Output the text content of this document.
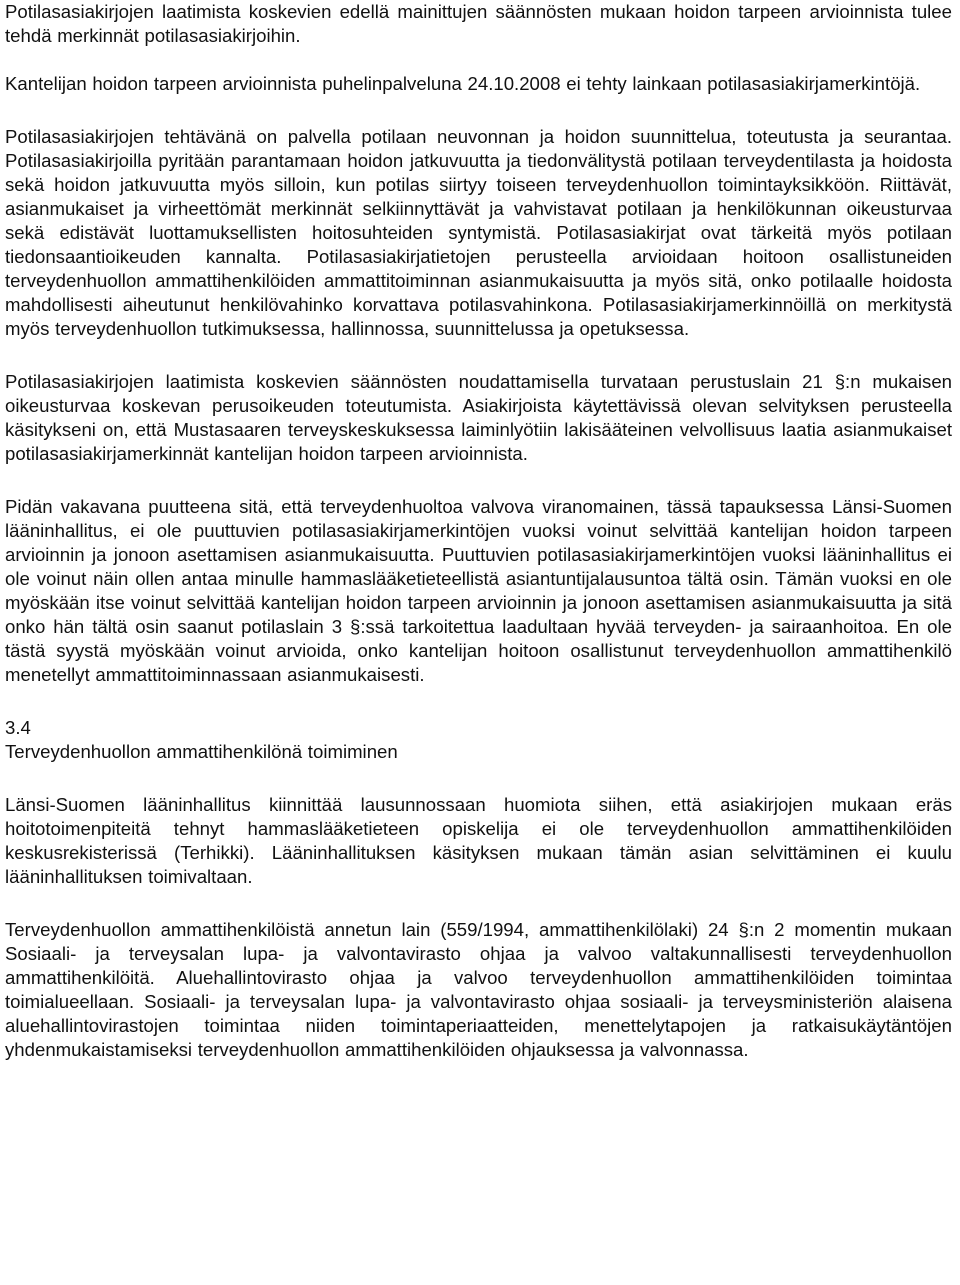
Potilasasiakirjojen laatimista koskevien edellä mainittujen säännösten mukaan hoidon tarpeen arvioinnista tulee tehdä merkinnät potilasasiakirjoihin.

Kantelijan hoidon tarpeen arvioinnista puhelinpalveluna 24.10.2008 ei tehty lainkaan potilasasiakirjamerkintöjä.

Potilasasiakirjojen tehtävänä on palvella potilaan neuvonnan ja hoidon suunnittelua, toteutusta ja seurantaa. Potilasasiakirjoilla pyritään parantamaan hoidon jatkuvuutta ja tiedonvälitystä potilaan terveydentilasta ja hoidosta sekä hoidon jatkuvuutta myös silloin, kun potilas siirtyy toiseen terveydenhuollon toimintayksikköön. Riittävät, asianmukaiset ja virheettömät merkinnät selkiinnyttävät ja vahvistavat potilaan ja henkilökunnan oikeusturvaa sekä edistävät luottamuksellisten hoitosuhteiden syntymistä. Potilasasiakirjat ovat tärkeitä myös potilaan tiedonsaantioikeuden kannalta. Potilasasiakirjatietojen perusteella arvioidaan hoitoon osallistuneiden terveydenhuollon ammattihenkilöiden ammattitoiminnan asianmukaisuutta ja myös sitä, onko potilaalle hoidosta mahdollisesti aiheutunut henkilövahinko korvattava potilasvahinkona. Potilasasiakirjamerkinnöillä on merkitystä myös terveydenhuollon tutkimuksessa, hallinnossa, suunnittelussa ja opetuksessa.

Potilasasiakirjojen laatimista koskevien säännösten noudattamisella turvataan perustuslain 21 §:n mukaisen oikeusturvaa koskevan perusoikeuden toteutumista. Asiakirjoista käytettävissä olevan selvityksen perusteella käsitykseni on, että Mustasaaren terveyskeskuksessa laiminlyötiin lakisääteinen velvollisuus laatia asianmukaiset potilasasiakirjamerkinnät kantelijan hoidon tarpeen arvioinnista.

Pidän vakavana puutteena sitä, että terveydenhuoltoa valvova viranomainen, tässä tapauksessa Länsi-Suomen lääninhallitus, ei ole puuttuvien potilasasiakirjamerkintöjen vuoksi voinut selvittää kantelijan hoidon tarpeen arvioinnin ja jonoon asettamisen asianmukaisuutta. Puuttuvien potilasasiakirjamerkintöjen vuoksi lääninhallitus ei ole voinut näin ollen antaa minulle hammaslääketieteellistä asiantuntijalausuntoa tältä osin. Tämän vuoksi en ole myöskään itse voinut selvittää kantelijan hoidon tarpeen arvioinnin ja jonoon asettamisen asianmukaisuutta ja sitä onko hän tältä osin saanut potilaslain 3 §:ssä tarkoitettua laadultaan hyvää terveyden- ja sairaanhoitoa. En ole tästä syystä myöskään voinut arvioida, onko kantelijan hoitoon osallistunut terveydenhuollon ammattihenkilö menetellyt ammattitoiminnassaan asianmukaisesti.

3.4

Terveydenhuollon ammattihenkilönä toimiminen

Länsi-Suomen lääninhallitus kiinnittää lausunnossaan huomiota siihen, että asiakirjojen mukaan eräs hoitotoimenpiteitä tehnyt hammaslääketieteen opiskelija ei ole terveydenhuollon ammattihenkilöiden keskusrekisterissä (Terhikki). Lääninhallituksen käsityksen mukaan tämän asian selvittäminen ei kuulu lääninhallituksen toimivaltaan.

Terveydenhuollon ammattihenkilöistä annetun lain (559/1994, ammattihenkilölaki) 24 §:n 2 momentin mukaan Sosiaali- ja terveysalan lupa- ja valvontavirasto ohjaa ja valvoo valtakunnallisesti terveydenhuollon ammattihenkilöitä. Aluehallintovirasto ohjaa ja valvoo terveydenhuollon ammattihenkilöiden toimintaa toimialueellaan. Sosiaali- ja terveysalan lupa- ja valvontavirasto ohjaa sosiaali- ja terveysministeriön alaisena aluehallintovirastojen toimintaa niiden toimintaperiaatteiden, menettelytapojen ja ratkaisukäytäntöjen yhdenmukaistamiseksi terveydenhuollon ammattihenkilöiden ohjauksessa ja valvonnassa.
